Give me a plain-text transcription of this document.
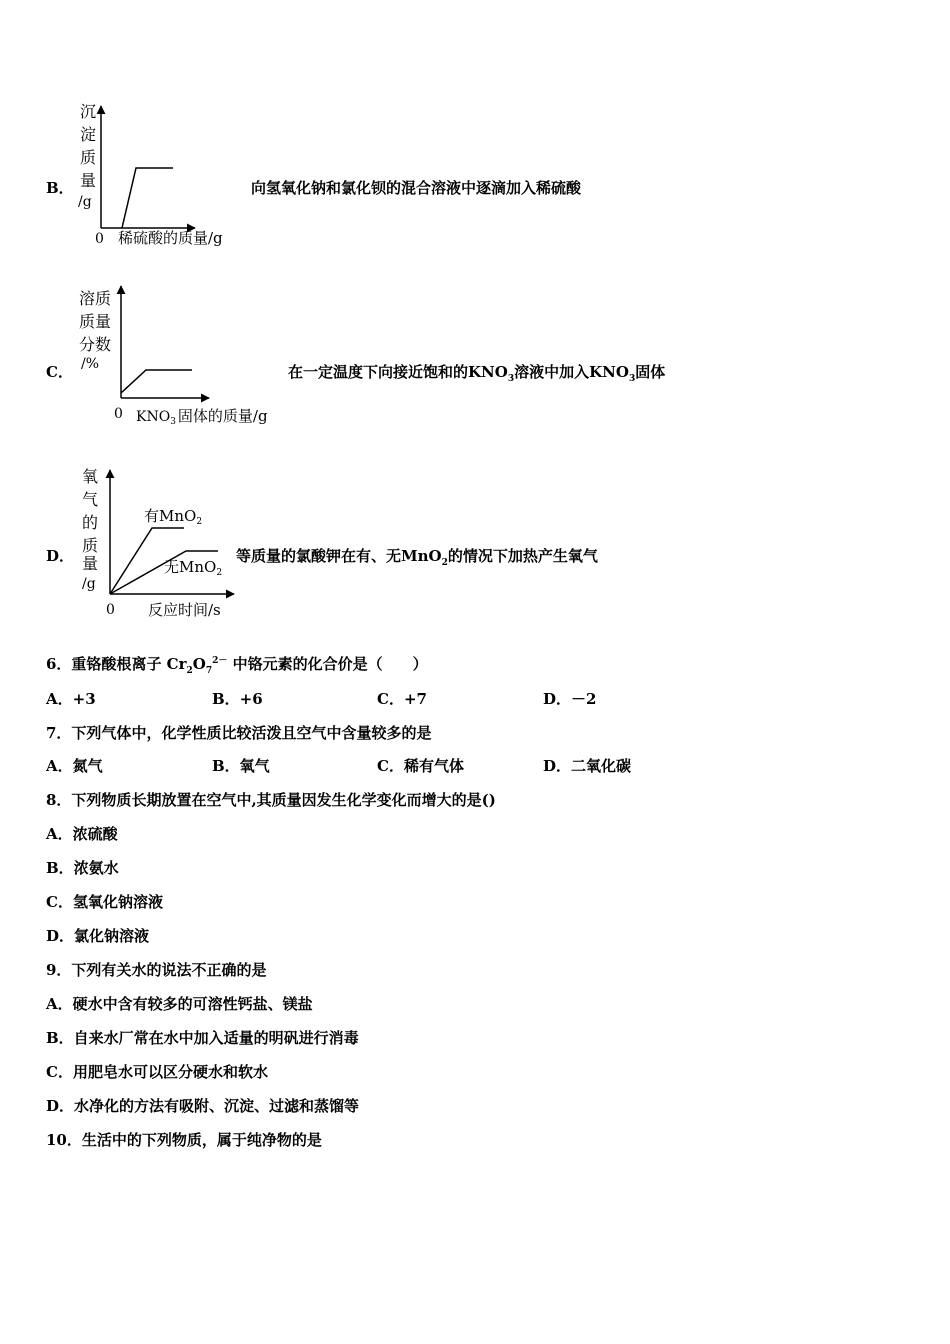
B．
沉
淀
质
量
/g
0 稀硫酸的质量/g
向氢氧化钠和氯化钡的混合溶液中逐滴加入稀硫酸
C．
溶质
质量
分数
/%
0 $KNO_3$ 固体的质量/g
在一定温度下向接近饱和的$KNO_3$溶液中加入$KNO_3$固体
D．
有MnO$_2$
无MnO$_2$
氧
气
的
质
量
/g
0 反应时间/s
等质量的氯酸钾在有、无MnO$_2$的情况下加热产生氧气
6．重铬酸根离子 $Cr_2O_7^{2-}$ 中铬元素的化合价是（　　）
A．+3	B．+6	C．+7	D．－2
7．下列气体中，化学性质比较活泼且空气中含量较多的是
A．氮气	B．氧气	C．稀有气体	D．二氧化碳
8．下列物质长期放置在空气中,其质量因发生化学变化而增大的是()
A．浓硫酸
B．浓氨水
C．氢氧化钠溶液
D．氯化钠溶液
9．下列有关水的说法不正确的是
A．硬水中含有较多的可溶性钙盐、镁盐
B．自来水厂常在水中加入适量的明矾进行消毒
C．用肥皂水可以区分硬水和软水
D．水净化的方法有吸附、沉淀、过滤和蒸馏等
10．生活中的下列物质，属于纯净物的是
